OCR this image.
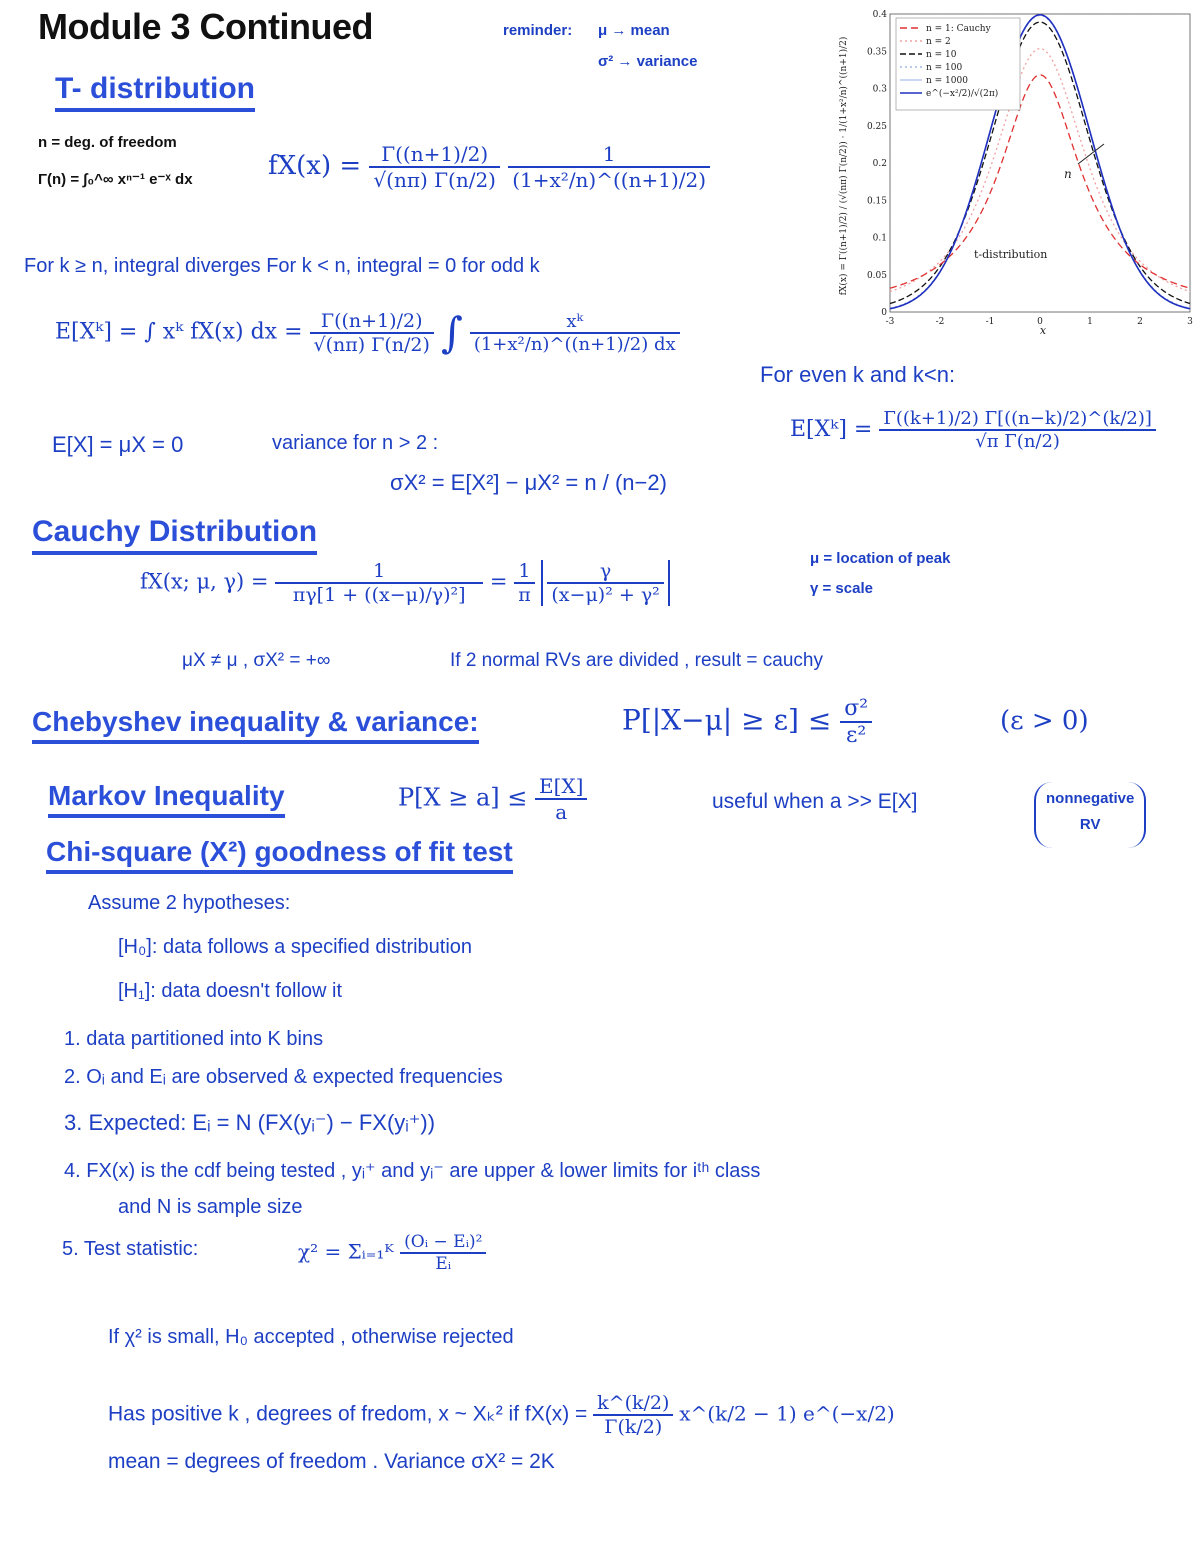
Module 3 Continued	reminder: μ → mean
σ² → variance
T- distribution
n = deg. of freedom
Γ(n) = ∫₀^∞ xⁿ⁻¹ e⁻ˣ dx	$fX(x) = \frac{\Gamma((n+1)/2)}{√(n\pi) \Gamma(n/2)}$
$\frac{1}{\text{(1+x²/n)\textasciicircum{}((n+1)/2)}}$
For k ≥ n, integral diverges For k < n, integral = 0 for odd k
E[Xᵏ] = ∫ xᵏ fX(x) dx = $\frac{\Gamma((n+1)/2)}{√(n\pi) \Gamma(n/2)}$ ∫ $\frac{\text{xᵏ}}{\text{(1+x²/n)\textasciicircum{}((n+1)/2) dx}}$
For even k and k<n:
E[Xᵏ] = $\frac{\Gamma((k+1)/2) \Gamma[((n-k)/2)\^{}(k/2)]}{\text{√π Γ(n/2)}}$
E[X] = μX = 0	variance for n > 2 :
σX² = E[X²] − μX² = n / (n−2)
Cauchy Distribution
fX(x; μ, $\gamma) = \frac{1}{\text{πγ[1 + ((x−μ)/γ)²]}} = \frac{1}{\pi}$
$\frac{\gamma}{\text{(x−μ)² + γ²}}$
μ = location of peak
γ = scale
μX ≠ μ , σX² = +∞	If 2 normal RVs are divided , result = cauchy
Chebyshev inequality & variance:	$P[|X-\mu| \ge \varepsilon] \le \frac{\text{σ²}}{\text{ε²}}$	(ε > 0)
Markov Inequality	$P[X \ge a] \le \frac{E[X]}{a}$	useful when a >> E[X]	nonnegative
RV
Chi-square (X²) goodness of fit test
Assume 2 hypotheses:
[H₀]: data follows a specified distribution
[H₁]: data doesn't follow it
1. data partitioned into K bins
2. Oᵢ and Eᵢ are observed & expected frequencies
3. Expected: Eᵢ = N (FX(yᵢ⁻) − FX(yᵢ⁺))
4. FX(x) is the cdf being tested , yᵢ⁺ and yᵢ⁻ are upper & lower limits for iᵗʰ class
and N is sample size
5. Test statistic:	χ² = Σᵢ₌₁ᴷ $\frac{\text{(Oᵢ − Eᵢ)²}}{\text{Eᵢ}}$
If χ² is small, H₀ accepted , otherwise rejected
Has positive k , degrees of fredom, x ~ Xₖ² if $fX(x) = \frac{k\^{}(k/2)}{\Gamma(k/2)}$ x^(k/2 − 1) e^(−x/2)
mean = degrees of freedom . Variance σX² = 2K
-3	-2	-1	0	1	2	3
0
0.05
0.1
0.15
0.2
0.25
0.3
0.35
0.4
n = 1: Cauchy
n = 2
n = 10
n = 100
n = 1000
e^(−x²/2)/√(2π)
fX(x) = Γ((n+1)/2) / (√(nπ) Γ(n/2)) · 1/(1+x²/n)^((n+1)/2)
x
n
t-distribution
